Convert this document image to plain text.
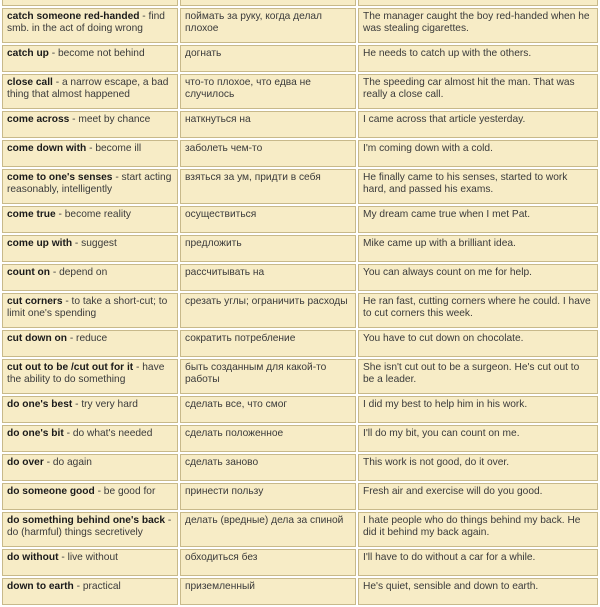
catch someone red-handed - find smb. in the act of doing wrong	поймать за руку, когда делал плохое	The manager caught the boy red-handed when he was stealing cigarettes.
catch up - become not behind	догнать	He needs to catch up with the others.
close call - a narrow escape, a bad thing that almost happened	что-то плохое, что едва не случилось	The speeding car almost hit the man. That was really a close call.
come across - meet by chance	наткнуться на	I came across that article yesterday.
come down with - become ill	заболеть чем-то	I'm coming down with a cold.
come to one's senses - start acting reasonably, intelligently	взяться за ум, придти в себя	He finally came to his senses, started to work hard, and passed his exams.
come true - become reality	осуществиться	My dream came true when I met Pat.
come up with - suggest	предложить	Mike came up with a brilliant idea.
count on - depend on	рассчитывать на	You can always count on me for help.
cut corners - to take a short-cut; to limit one's spending	срезать углы; ограничить расходы	He ran fast, cutting corners where he could. I have to cut corners this week.
cut down on - reduce	сократить потребление	You have to cut down on chocolate.
cut out to be /cut out for it - have the ability to do something	быть созданным для какой-то работы	She isn't cut out to be a surgeon. He's cut out to be a leader.
do one's best - try very hard	сделать все, что смог	I did my best to help him in his work.
do one's bit - do what's needed	сделать положенное	I'll do my bit, you can count on me.
do over - do again	сделать заново	This work is not good, do it over.
do someone good - be good for	принести пользу	Fresh air and exercise will do you good.
do something behind one's back - do (harmful) things secretively	делать (вредные) дела за спиной	I hate people who do things behind my back. He did it behind my back again.
do without - live without	обходиться без	I'll have to do without a car for a while.
down to earth - practical	приземленный	He's quiet, sensible and down to earth.
